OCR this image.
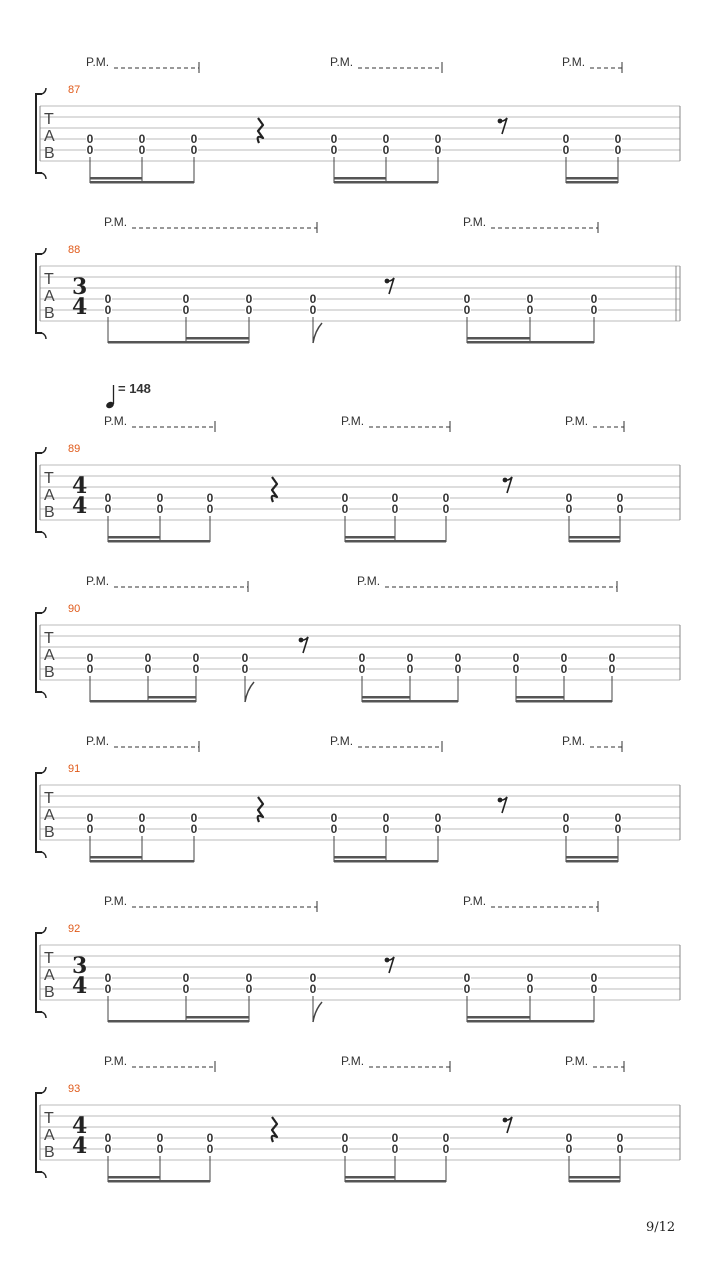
87
P.M.	P.M.	P.M.
T
A
B
0
0
0
0
0
0
0
0
0
0
0
0
0
0
0
0
88
P.M.	P.M.
T
A
B
3
4 0
0
0
0
0
0
0
0
0
0
0
0
0
0
89
P.M.	P.M.	P.M.
T
A
B
4
4
= 148
0
0
0
0
0
0
0
0
0
0
0
0
0
0
0
0
90
P.M.	P.M.
T
A
B
0
0
0
0
0
0
0
0
0
0
0
0
0
0
0
0
0
0
0
0
91
P.M.	P.M.	P.M.
T
A
B
0
0
0
0
0
0
0
0
0
0
0
0
0
0
0
0
92
P.M.	P.M.
T
A
B
3
4 0
0
0
0
0
0
0
0
0
0
0
0
0
0
93
P.M.	P.M.	P.M.
T
A
B
4
4 0
0
0
0
0
0
0
0
0
0
0
0
0
0
0
0
9/12
